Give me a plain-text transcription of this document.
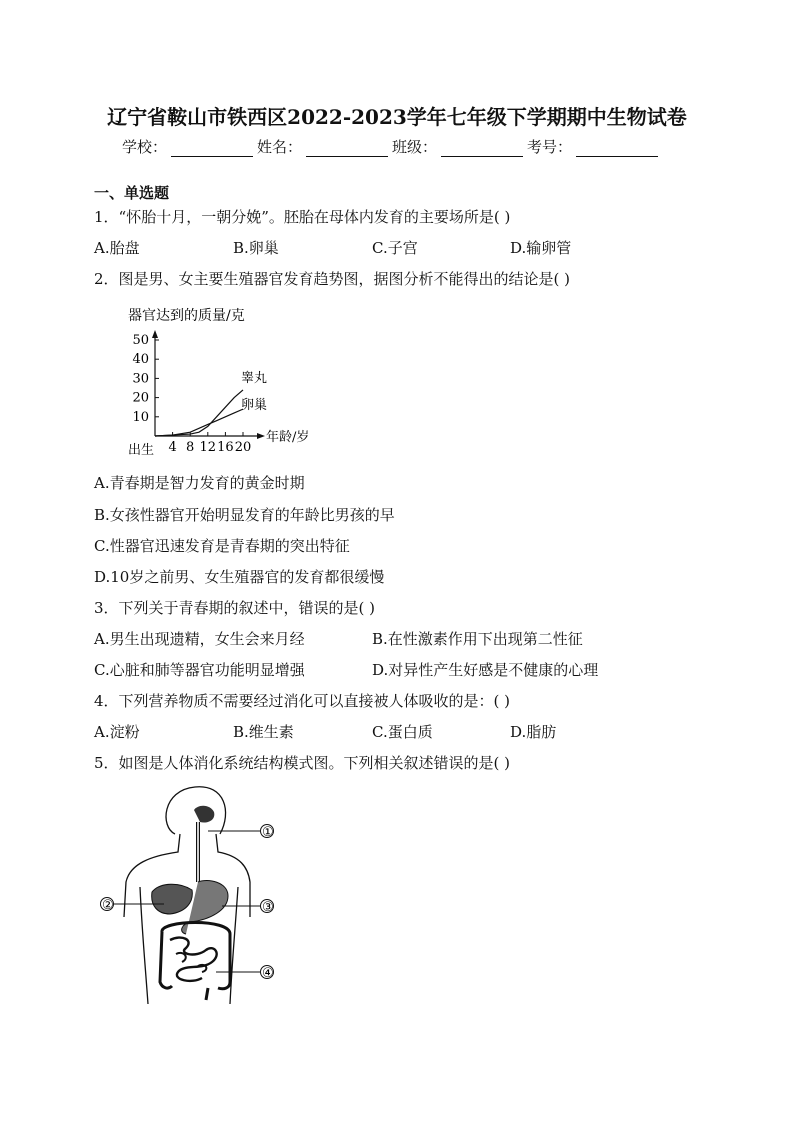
辽宁省鞍山市铁西区2022-2023学年七年级下学期期中生物试卷
学校：	姓名：	班级：	考号：
一、单选题
1．“怀胎十月，一朝分娩”。胚胎在母体内发育的主要场所是( )
A.胎盘	B.卵巢	C.子宫	D.输卵管
2．图是男、女主要生殖器官发育趋势图，据图分析不能得出的结论是( )
器官达到的质量/克
10
20
30
40
50
4 8 12 16 20
睾丸
卵巢
年龄/岁
出生
A.青春期是智力发育的黄金时期
B.女孩性器官开始明显发育的年龄比男孩的早
C.性器官迅速发育是青春期的突出特征
D.10岁之前男、女生殖器官的发育都很缓慢
3．下列关于青春期的叙述中，错误的是( )
A.男生出现遗精，女生会来月经	B.在性激素作用下出现第二性征
C.心脏和肺等器官功能明显增强	D.对异性产生好感是不健康的心理
4．下列营养物质不需要经过消化可以直接被人体吸收的是：( )
A.淀粉	B.维生素	C.蛋白质	D.脂肪
5．如图是人体消化系统结构模式图。下列相关叙述错误的是( )
①
②	③
④
